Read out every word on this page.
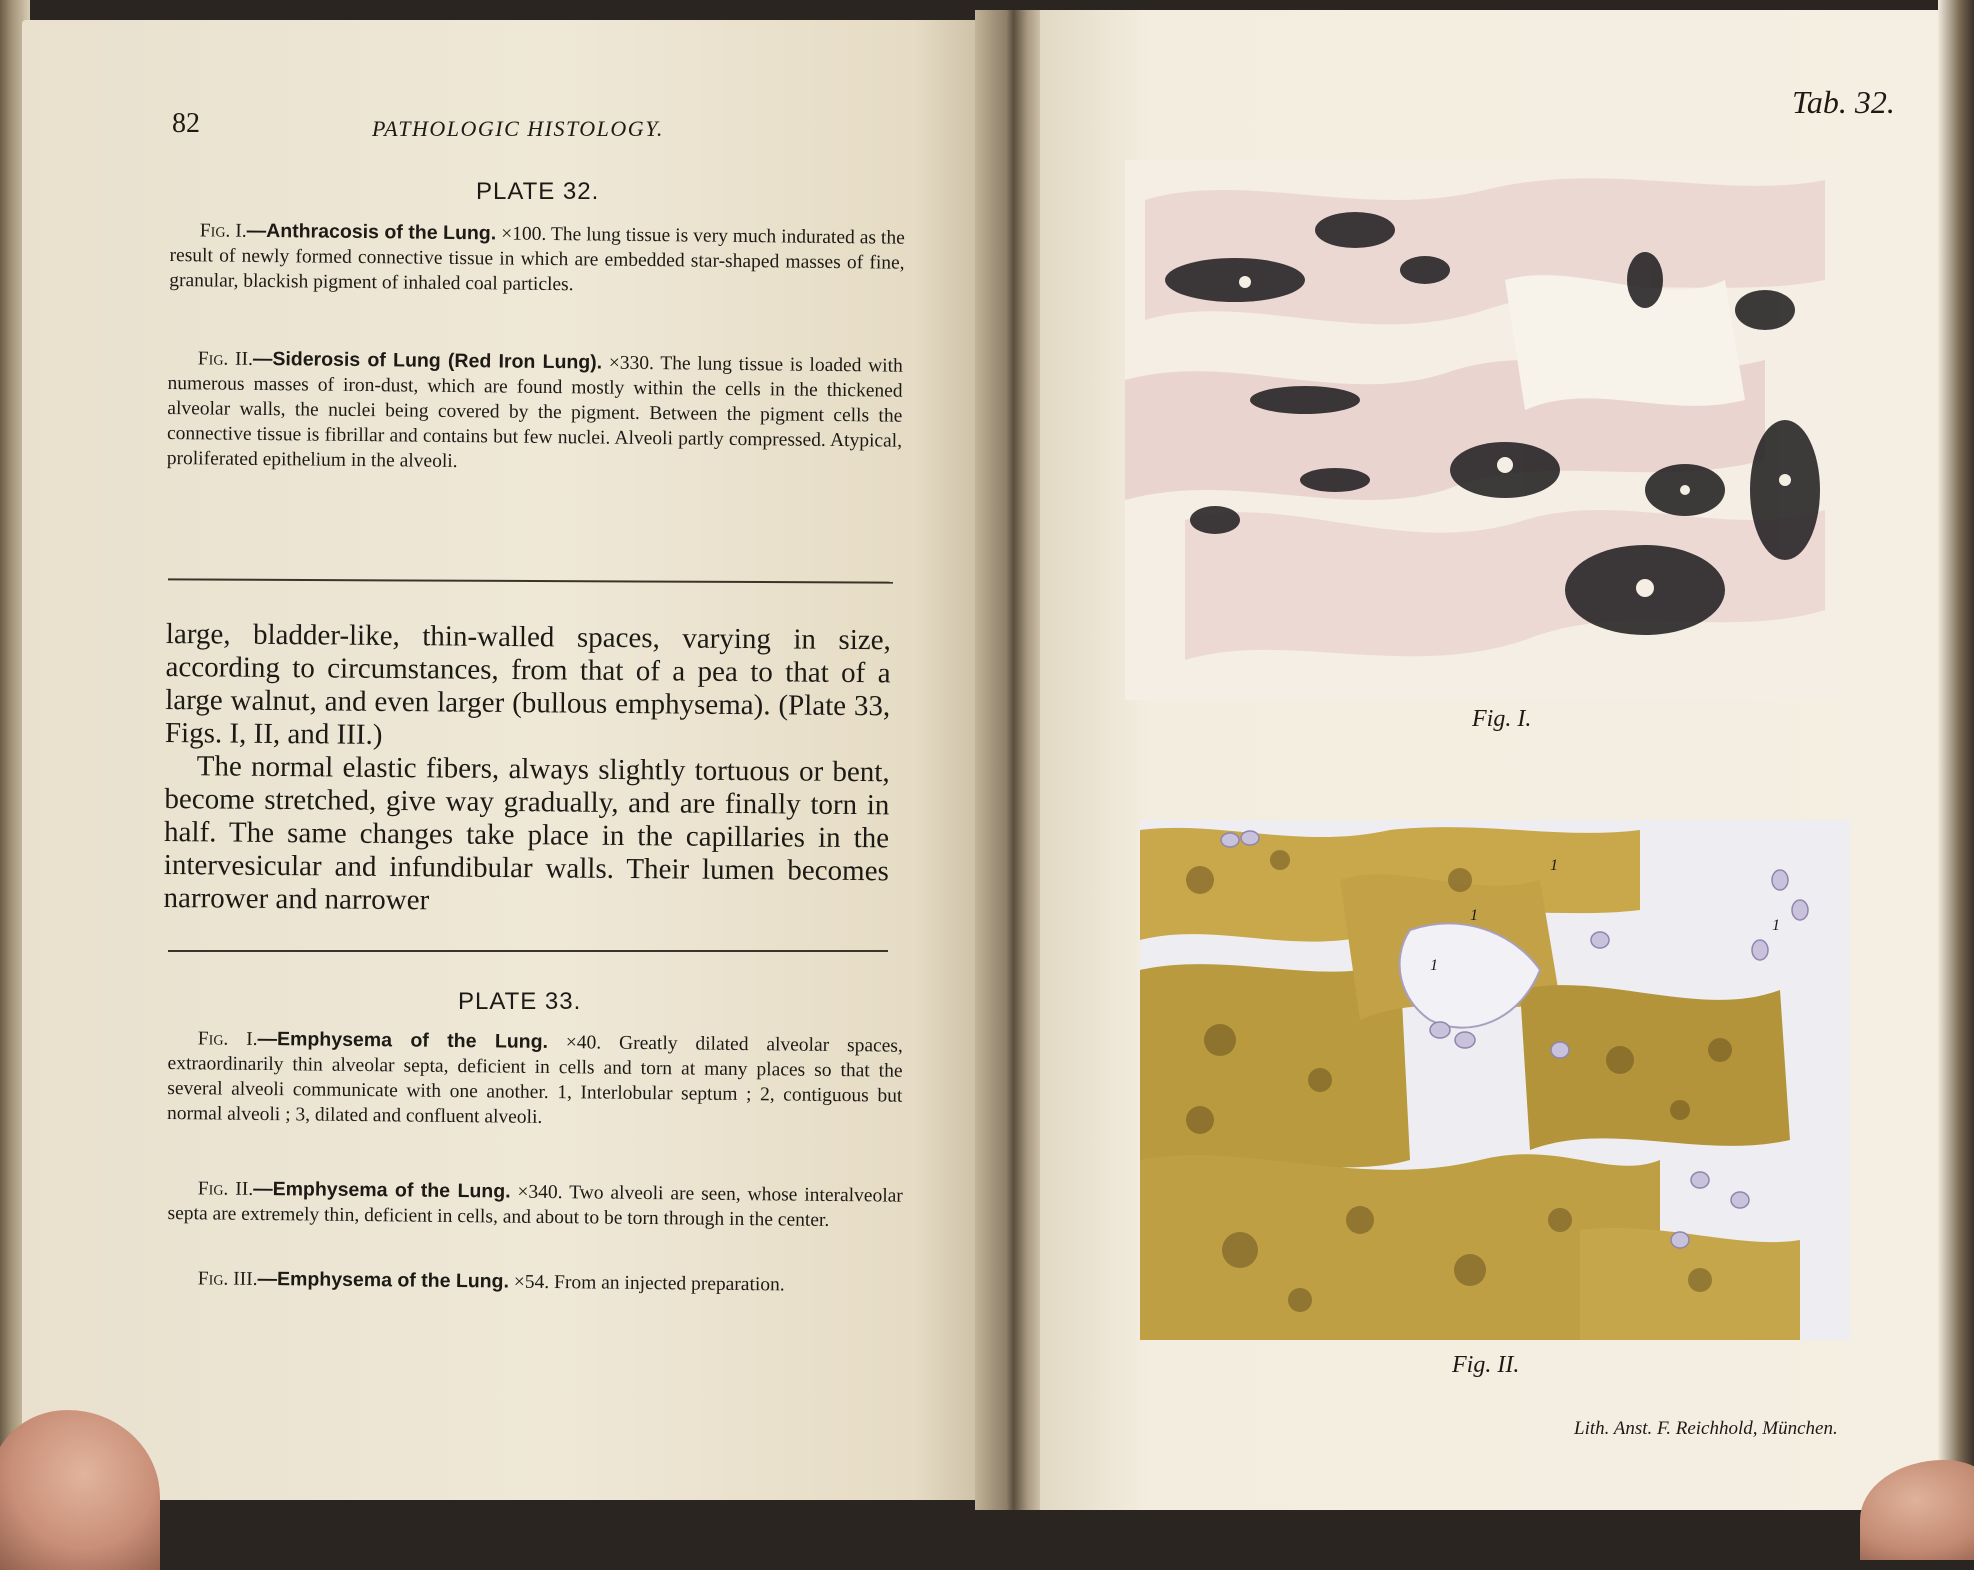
82	PATHOLOGIC HISTOLOGY.
PLATE 32.
Fig. I.—Anthracosis of the Lung. ×100. The lung tissue is very much indurated as the result of newly formed connective tissue in which are embedded star-shaped masses of fine, granular, blackish pigment of inhaled coal particles.
Fig. II.—Siderosis of Lung (Red Iron Lung). ×330. The lung tissue is loaded with numerous masses of iron-dust, which are found mostly within the cells in the thickened alveolar walls, the nuclei being covered by the pigment. Between the pigment cells the connective tissue is fibrillar and contains but few nuclei. Alveoli partly compressed. Atypical, proliferated epithelium in the alveoli.

large, bladder-like, thin-walled spaces, varying in size, according to circumstances, from that of a pea to that of a large walnut, and even larger (bullous emphysema). (Plate 33, Figs. I, II, and III.)

The normal elastic fibers, always slightly tortuous or bent, become stretched, give way gradually, and are finally torn in half. The same changes take place in the capillaries in the intervesicular and infundibular walls. Their lumen becomes narrower and narrower

PLATE 33.
Fig. I.—Emphysema of the Lung. ×40. Greatly dilated alveolar spaces, extraordinarily thin alveolar septa, deficient in cells and torn at many places so that the several alveoli communicate with one another. 1, Interlobular septum ; 2, contiguous but normal alveoli ; 3, dilated and confluent alveoli.
Fig. II.—Emphysema of the Lung. ×340. Two alveoli are seen, whose interalveolar septa are extremely thin, deficient in cells, and about to be torn through in the center.
Fig. III.—Emphysema of the Lung. ×54. From an injected preparation.
Tab. 32.
Fig. I.
1
1
1
1
Fig. II.
Lith. Anst. F. Reichhold, München.
